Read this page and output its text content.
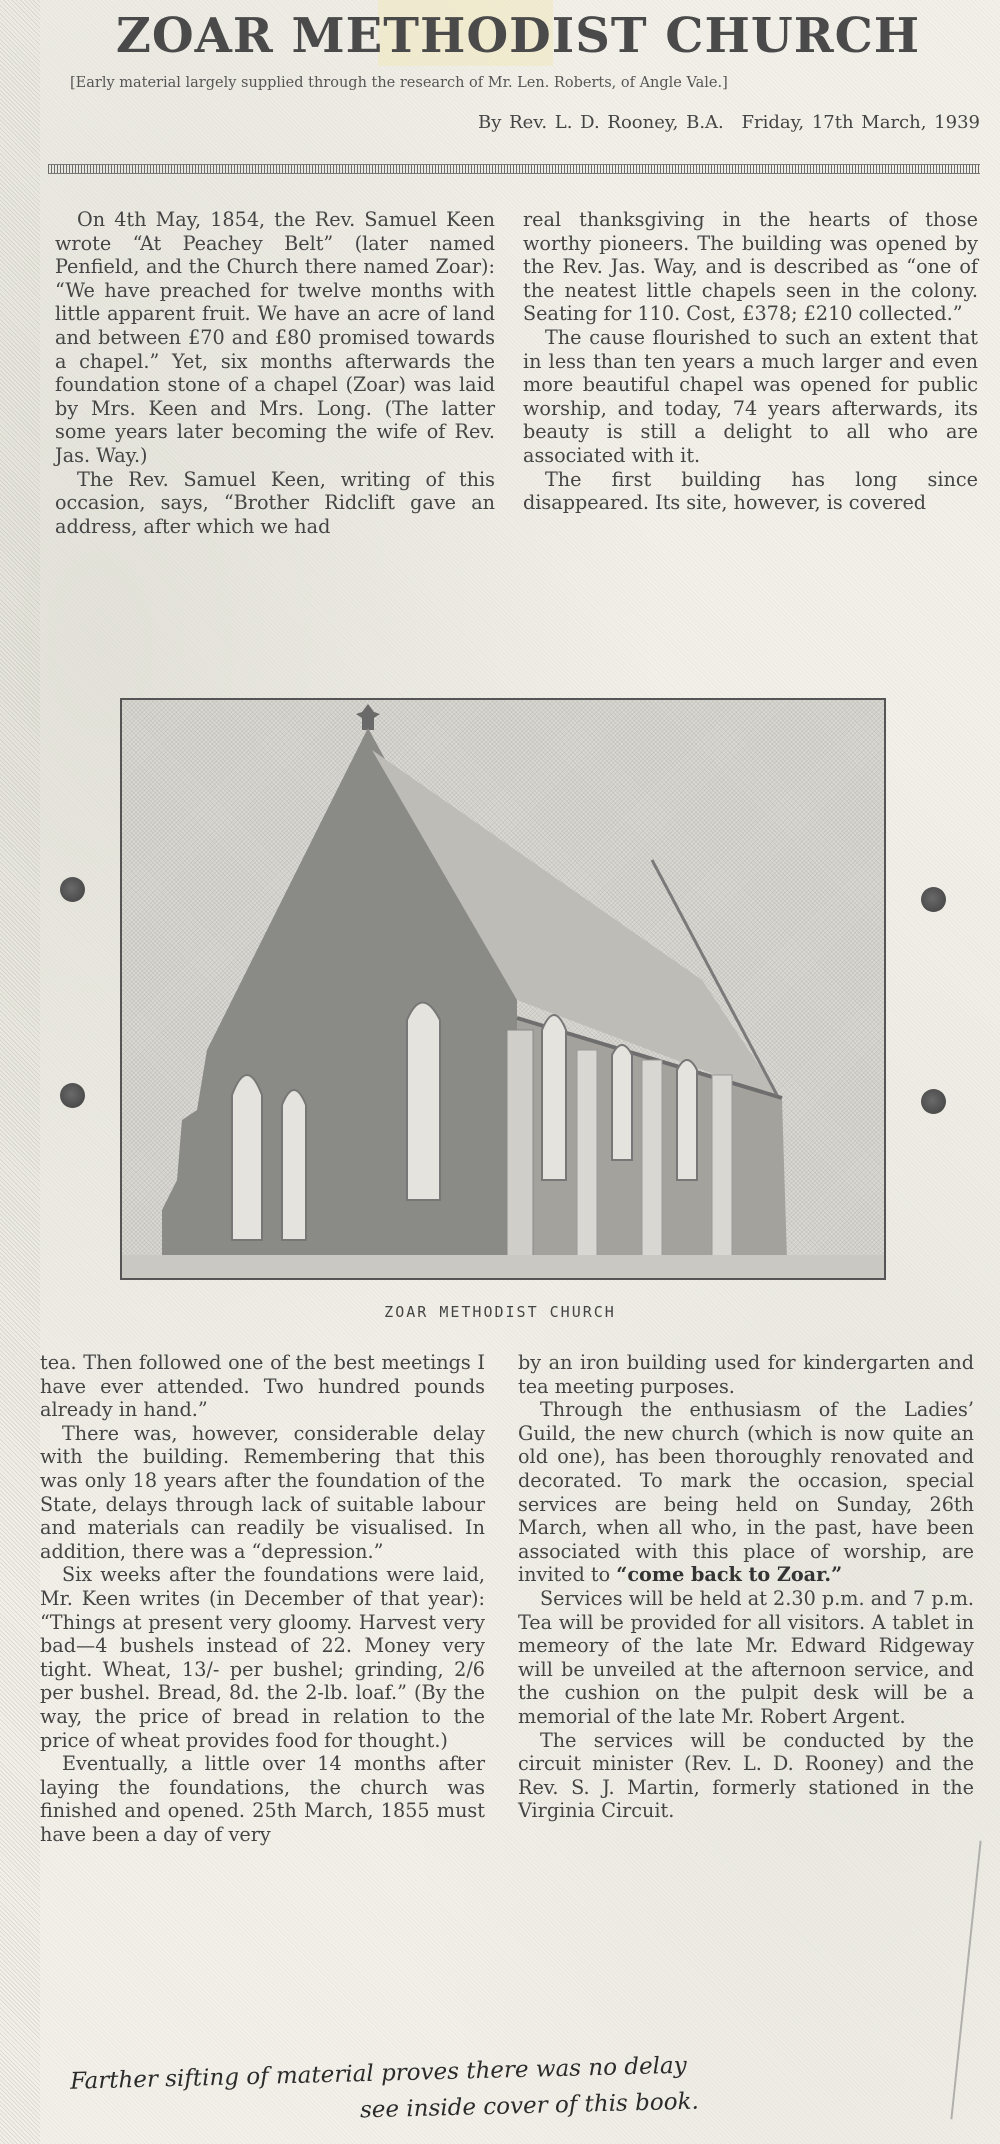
ZOAR METHODIST CHURCH
[Early material largely supplied through the research of Mr. Len. Roberts, of Angle Vale.]
By Rev. L. D. Rooney, B.A. Friday, 17th March, 1939

On 4th May, 1854, the Rev. Samuel Keen wrote “At Peachey Belt” (later named Penfield, and the Church there named Zoar): “We have preached for twelve months with little apparent fruit. We have an acre of land and between £70 and £80 promised towards a chapel.” Yet, six months afterwards the foundation stone of a chapel (Zoar) was laid by Mrs. Keen and Mrs. Long. (The latter some years later becoming the wife of Rev. Jas. Way.)

The Rev. Samuel Keen, writing of this occasion, says, “Brother Ridclift gave an address, after which we had

real thanksgiving in the hearts of those worthy pioneers. The building was opened by the Rev. Jas. Way, and is described as “one of the neatest little chapels seen in the colony. Seating for 110. Cost, £378; £210 collected.”

The cause flourished to such an extent that in less than ten years a much larger and even more beautiful chapel was opened for public worship, and today, 74 years afterwards, its beauty is still a delight to all who are associated with it.

The first building has long since disappeared. Its site, however, is covered

ZOAR METHODIST CHURCH

tea. Then followed one of the best meetings I have ever attended. Two hundred pounds already in hand.”

There was, however, considerable delay with the building. Remembering that this was only 18 years after the foundation of the State, delays through lack of suitable labour and materials can readily be visualised. In addition, there was a “depression.”

Six weeks after the foundations were laid, Mr. Keen writes (in December of that year): “Things at present very gloomy. Harvest very bad—4 bushels instead of 22. Money very tight. Wheat, 13/- per bushel; grinding, 2/6 per bushel. Bread, 8d. the 2-lb. loaf.” (By the way, the price of bread in relation to the price of wheat provides food for thought.)

Eventually, a little over 14 months after laying the foundations, the church was finished and opened. 25th March, 1855 must have been a day of very

by an iron building used for kindergarten and tea meeting purposes.

Through the enthusiasm of the Ladies’ Guild, the new church (which is now quite an old one), has been thoroughly renovated and decorated. To mark the occasion, special services are being held on Sunday, 26th March, when all who, in the past, have been associated with this place of worship, are invited to “come back to Zoar.”

Services will be held at 2.30 p.m. and 7 p.m. Tea will be provided for all visitors. A tablet in memeory of the late Mr. Edward Ridgeway will be unveiled at the afternoon service, and the cushion on the pulpit desk will be a memorial of the late Mr. Robert Argent.

The services will be conducted by the circuit minister (Rev. L. D. Rooney) and the Rev. S. J. Martin, formerly stationed in the Virginia Circuit.

Farther sifting of material proves there was no delay
see inside cover of this book.
